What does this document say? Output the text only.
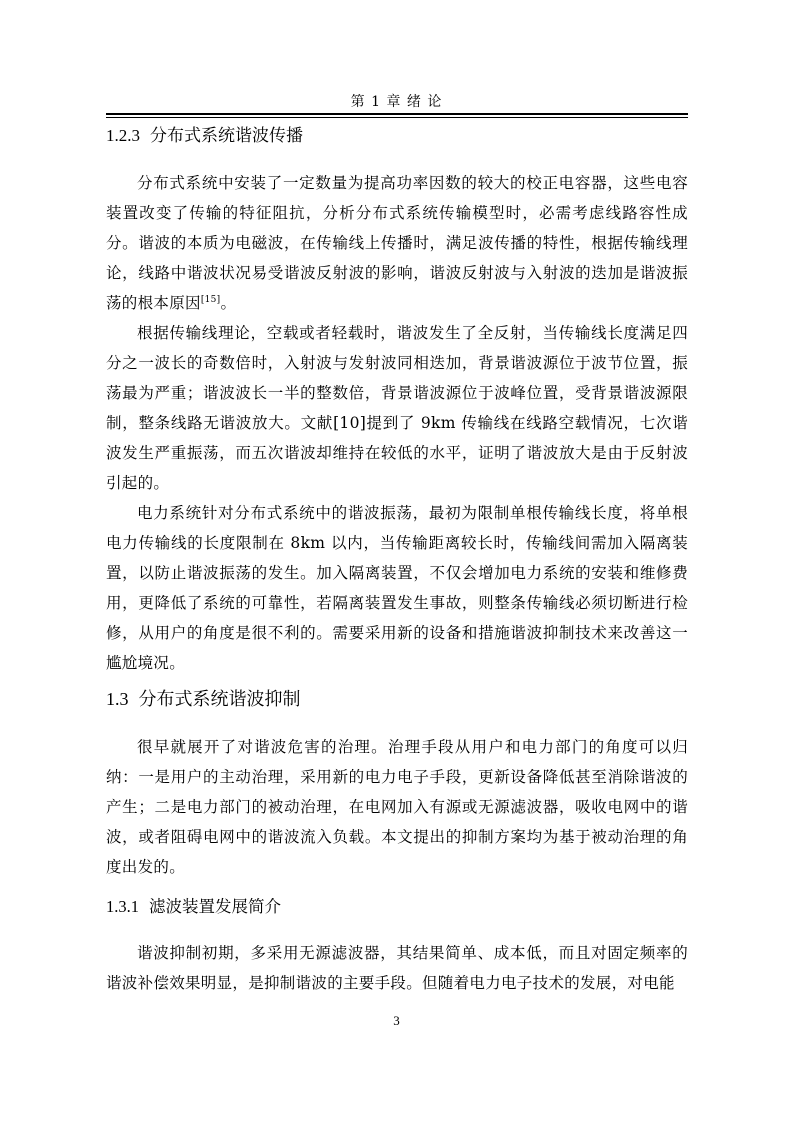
第 1 章 绪 论
1.2.3 分布式系统谐波传播

分布式系统中安装了一定数量为提高功率因数的较大的校正电容器，这些电容装置改变了传输的特征阻抗，分析分布式系统传输模型时，必需考虑线路容性成分。谐波的本质为电磁波，在传输线上传播时，满足波传播的特性，根据传输线理论，线路中谐波状况易受谐波反射波的影响，谐波反射波与入射波的迭加是谐波振荡的根本原因[15]。

根据传输线理论，空载或者轻载时，谐波发生了全反射，当传输线长度满足四分之一波长的奇数倍时，入射波与发射波同相迭加，背景谐波源位于波节位置，振荡最为严重；谐波波长一半的整数倍，背景谐波源位于波峰位置，受背景谐波源限制，整条线路无谐波放大。文献[10]提到了 9km 传输线在线路空载情况，七次谐波发生严重振荡，而五次谐波却维持在较低的水平，证明了谐波放大是由于反射波引起的。

电力系统针对分布式系统中的谐波振荡，最初为限制单根传输线长度，将单根电力传输线的长度限制在 8km 以内，当传输距离较长时，传输线间需加入隔离装置，以防止谐波振荡的发生。加入隔离装置，不仅会增加电力系统的安装和维修费用，更降低了系统的可靠性，若隔离装置发生事故，则整条传输线必须切断进行检修，从用户的角度是很不利的。需要采用新的设备和措施谐波抑制技术来改善这一尴尬境况。

1.3 分布式系统谐波抑制

很早就展开了对谐波危害的治理。治理手段从用户和电力部门的角度可以归纳：一是用户的主动治理，采用新的电力电子手段，更新设备降低甚至消除谐波的产生；二是电力部门的被动治理，在电网加入有源或无源滤波器，吸收电网中的谐波，或者阻碍电网中的谐波流入负载。本文提出的抑制方案均为基于被动治理的角度出发的。

1.3.1 滤波装置发展简介

谐波抑制初期，多采用无源滤波器，其结果简单、成本低，而且对固定频率的谐波补偿效果明显，是抑制谐波的主要手段。但随着电力电子技术的发展，对电能

3
